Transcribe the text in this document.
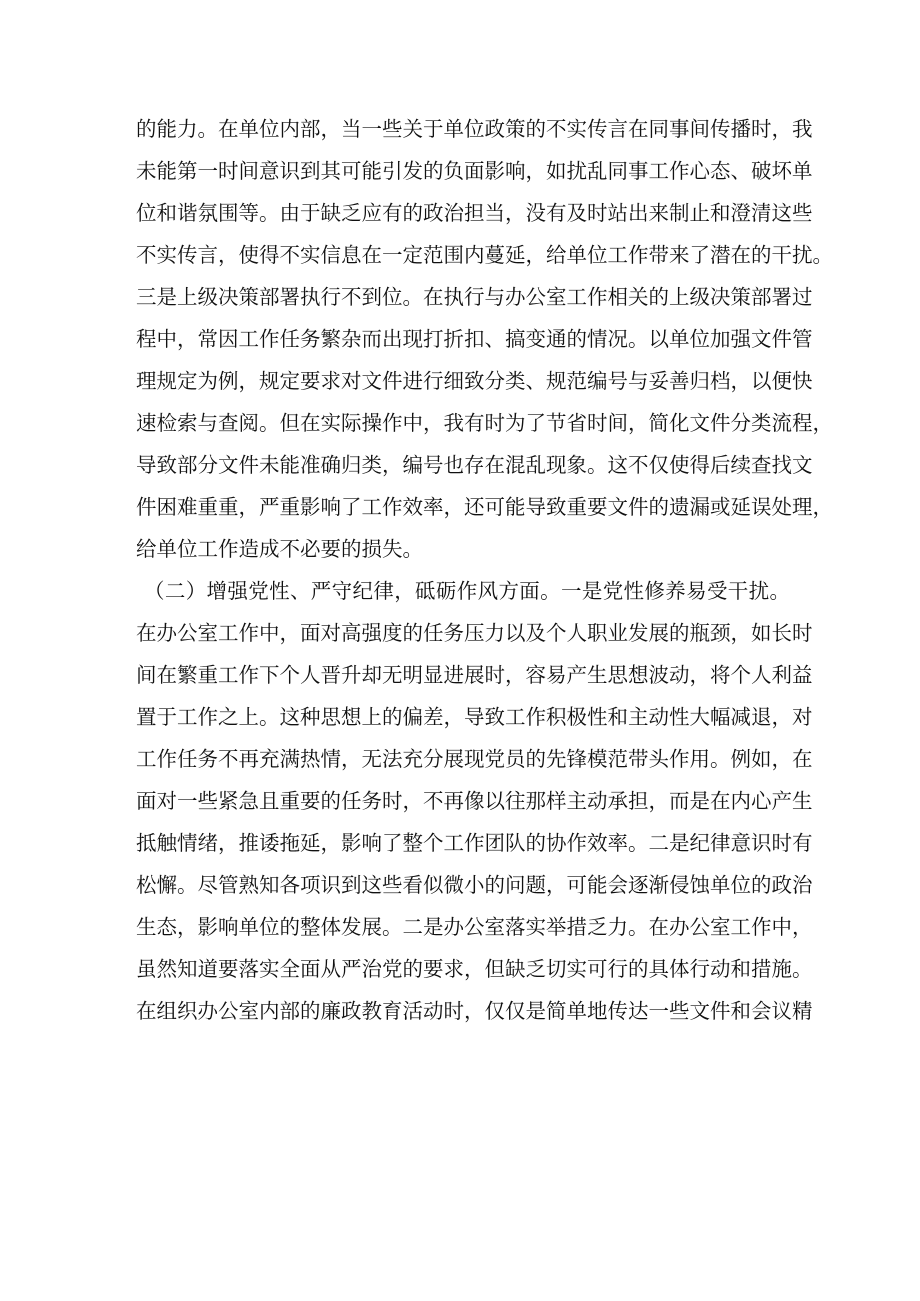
的能力。在单位内部，当一些关于单位政策的不实传言在同事间传播时，我
未能第一时间意识到其可能引发的负面影响，如扰乱同事工作心态、破坏单
位和谐氛围等。由于缺乏应有的政治担当，没有及时站出来制止和澄清这些
不实传言，使得不实信息在一定范围内蔓延，给单位工作带来了潜在的干扰。
三是上级决策部署执行不到位。在执行与办公室工作相关的上级决策部署过
程中，常因工作任务繁杂而出现打折扣、搞变通的情况。以单位加强文件管
理规定为例，规定要求对文件进行细致分类、规范编号与妥善归档，以便快
速检索与查阅。但在实际操作中，我有时为了节省时间，简化文件分类流程，
导致部分文件未能准确归类，编号也存在混乱现象。这不仅使得后续查找文
件困难重重，严重影响了工作效率，还可能导致重要文件的遗漏或延误处理，
给单位工作造成不必要的损失。
（二）增强党性、严守纪律，砥砺作风方面。一是党性修养易受干扰。
在办公室工作中，面对高强度的任务压力以及个人职业发展的瓶颈，如长时
间在繁重工作下个人晋升却无明显进展时，容易产生思想波动，将个人利益
置于工作之上。这种思想上的偏差，导致工作积极性和主动性大幅减退，对
工作任务不再充满热情，无法充分展现党员的先锋模范带头作用。例如，在
面对一些紧急且重要的任务时，不再像以往那样主动承担，而是在内心产生
抵触情绪，推诿拖延，影响了整个工作团队的协作效率。二是纪律意识时有
松懈。尽管熟知各项识到这些看似微小的问题，可能会逐渐侵蚀单位的政治
生态，影响单位的整体发展。二是办公室落实举措乏力。在办公室工作中，
虽然知道要落实全面从严治党的要求，但缺乏切实可行的具体行动和措施。
在组织办公室内部的廉政教育活动时，仅仅是简单地传达一些文件和会议精
